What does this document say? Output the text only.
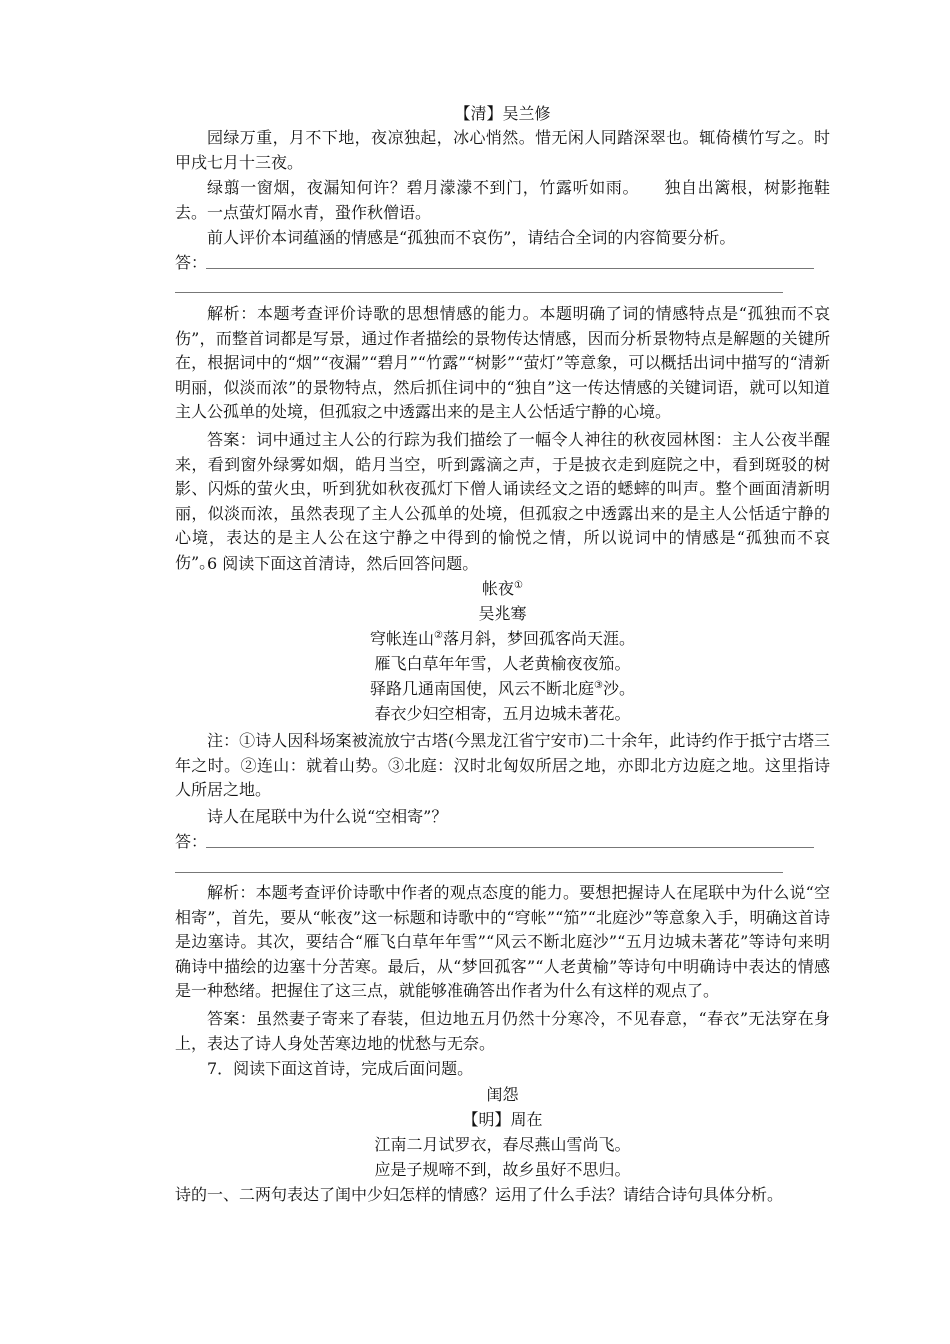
【清】吴兰修

园绿万重，月不下地，夜凉独起，冰心悄然。惜无闲人同踏深翠也。辄倚横竹写之。时甲戌七月十三夜。

绿翦一窗烟，夜漏知何许？碧月濛濛不到门，竹露听如雨。　　独自出篱根，树影拖鞋去。一点萤灯隔水青，蛩作秋僧语。

前人评价本词蕴涵的情感是“孤独而不哀伤”，请结合全词的内容简要分析。

答：

解析：本题考查评价诗歌的思想情感的能力。本题明确了词的情感特点是“孤独而不哀伤”，而整首词都是写景，通过作者描绘的景物传达情感，因而分析景物特点是解题的关键所在，根据词中的“烟”“夜漏”“碧月”“竹露”“树影”“萤灯”等意象，可以概括出词中描写的“清新明丽，似淡而浓”的景物特点，然后抓住词中的“独自”这一传达情感的关键词语，就可以知道主人公孤单的处境，但孤寂之中透露出来的是主人公恬适宁静的心境。

答案：词中通过主人公的行踪为我们描绘了一幅令人神往的秋夜园林图：主人公夜半醒来，看到窗外绿雾如烟，皓月当空，听到露滴之声，于是披衣走到庭院之中，看到斑驳的树影、闪烁的萤火虫，听到犹如秋夜孤灯下僧人诵读经文之语的蟋蟀的叫声。整个画面清新明丽，似淡而浓，虽然表现了主人公孤单的处境，但孤寂之中透露出来的是主人公恬适宁静的心境，表达的是主人公在这宁静之中得到的愉悦之情，所以说词中的情感是“孤独而不哀伤”。

6 阅读下面这首清诗，然后回答问题。

帐夜①
吴兆骞
穹帐连山②落月斜，梦回孤客尚天涯。
雁飞白草年年雪，人老黄榆夜夜笳。
驿路几通南国使，风云不断北庭③沙。
春衣少妇空相寄，五月边城未著花。

注：①诗人因科场案被流放宁古塔(今黑龙江省宁安市)二十余年，此诗约作于抵宁古塔三年之时。②连山：就着山势。③北庭：汉时北匈奴所居之地，亦即北方边庭之地。这里指诗人所居之地。

诗人在尾联中为什么说“空相寄”？

答：

解析：本题考查评价诗歌中作者的观点态度的能力。要想把握诗人在尾联中为什么说“空相寄”，首先，要从“帐夜”这一标题和诗歌中的“穹帐”“笳”“北庭沙”等意象入手，明确这首诗是边塞诗。其次，要结合“雁飞白草年年雪”“风云不断北庭沙”“五月边城未著花”等诗句来明确诗中描绘的边塞十分苦寒。最后，从“梦回孤客”“人老黄榆”等诗句中明确诗中表达的情感是一种愁绪。把握住了这三点，就能够准确答出作者为什么有这样的观点了。

答案：虽然妻子寄来了春装，但边地五月仍然十分寒冷，不见春意，“春衣”无法穿在身上，表达了诗人身处苦寒边地的忧愁与无奈。

7．阅读下面这首诗，完成后面问题。

闺怨
【明】周在
江南二月试罗衣，春尽燕山雪尚飞。
应是子规啼不到，故乡虽好不思归。

诗的一、二两句表达了闺中少妇怎样的情感？运用了什么手法？请结合诗句具体分析。
